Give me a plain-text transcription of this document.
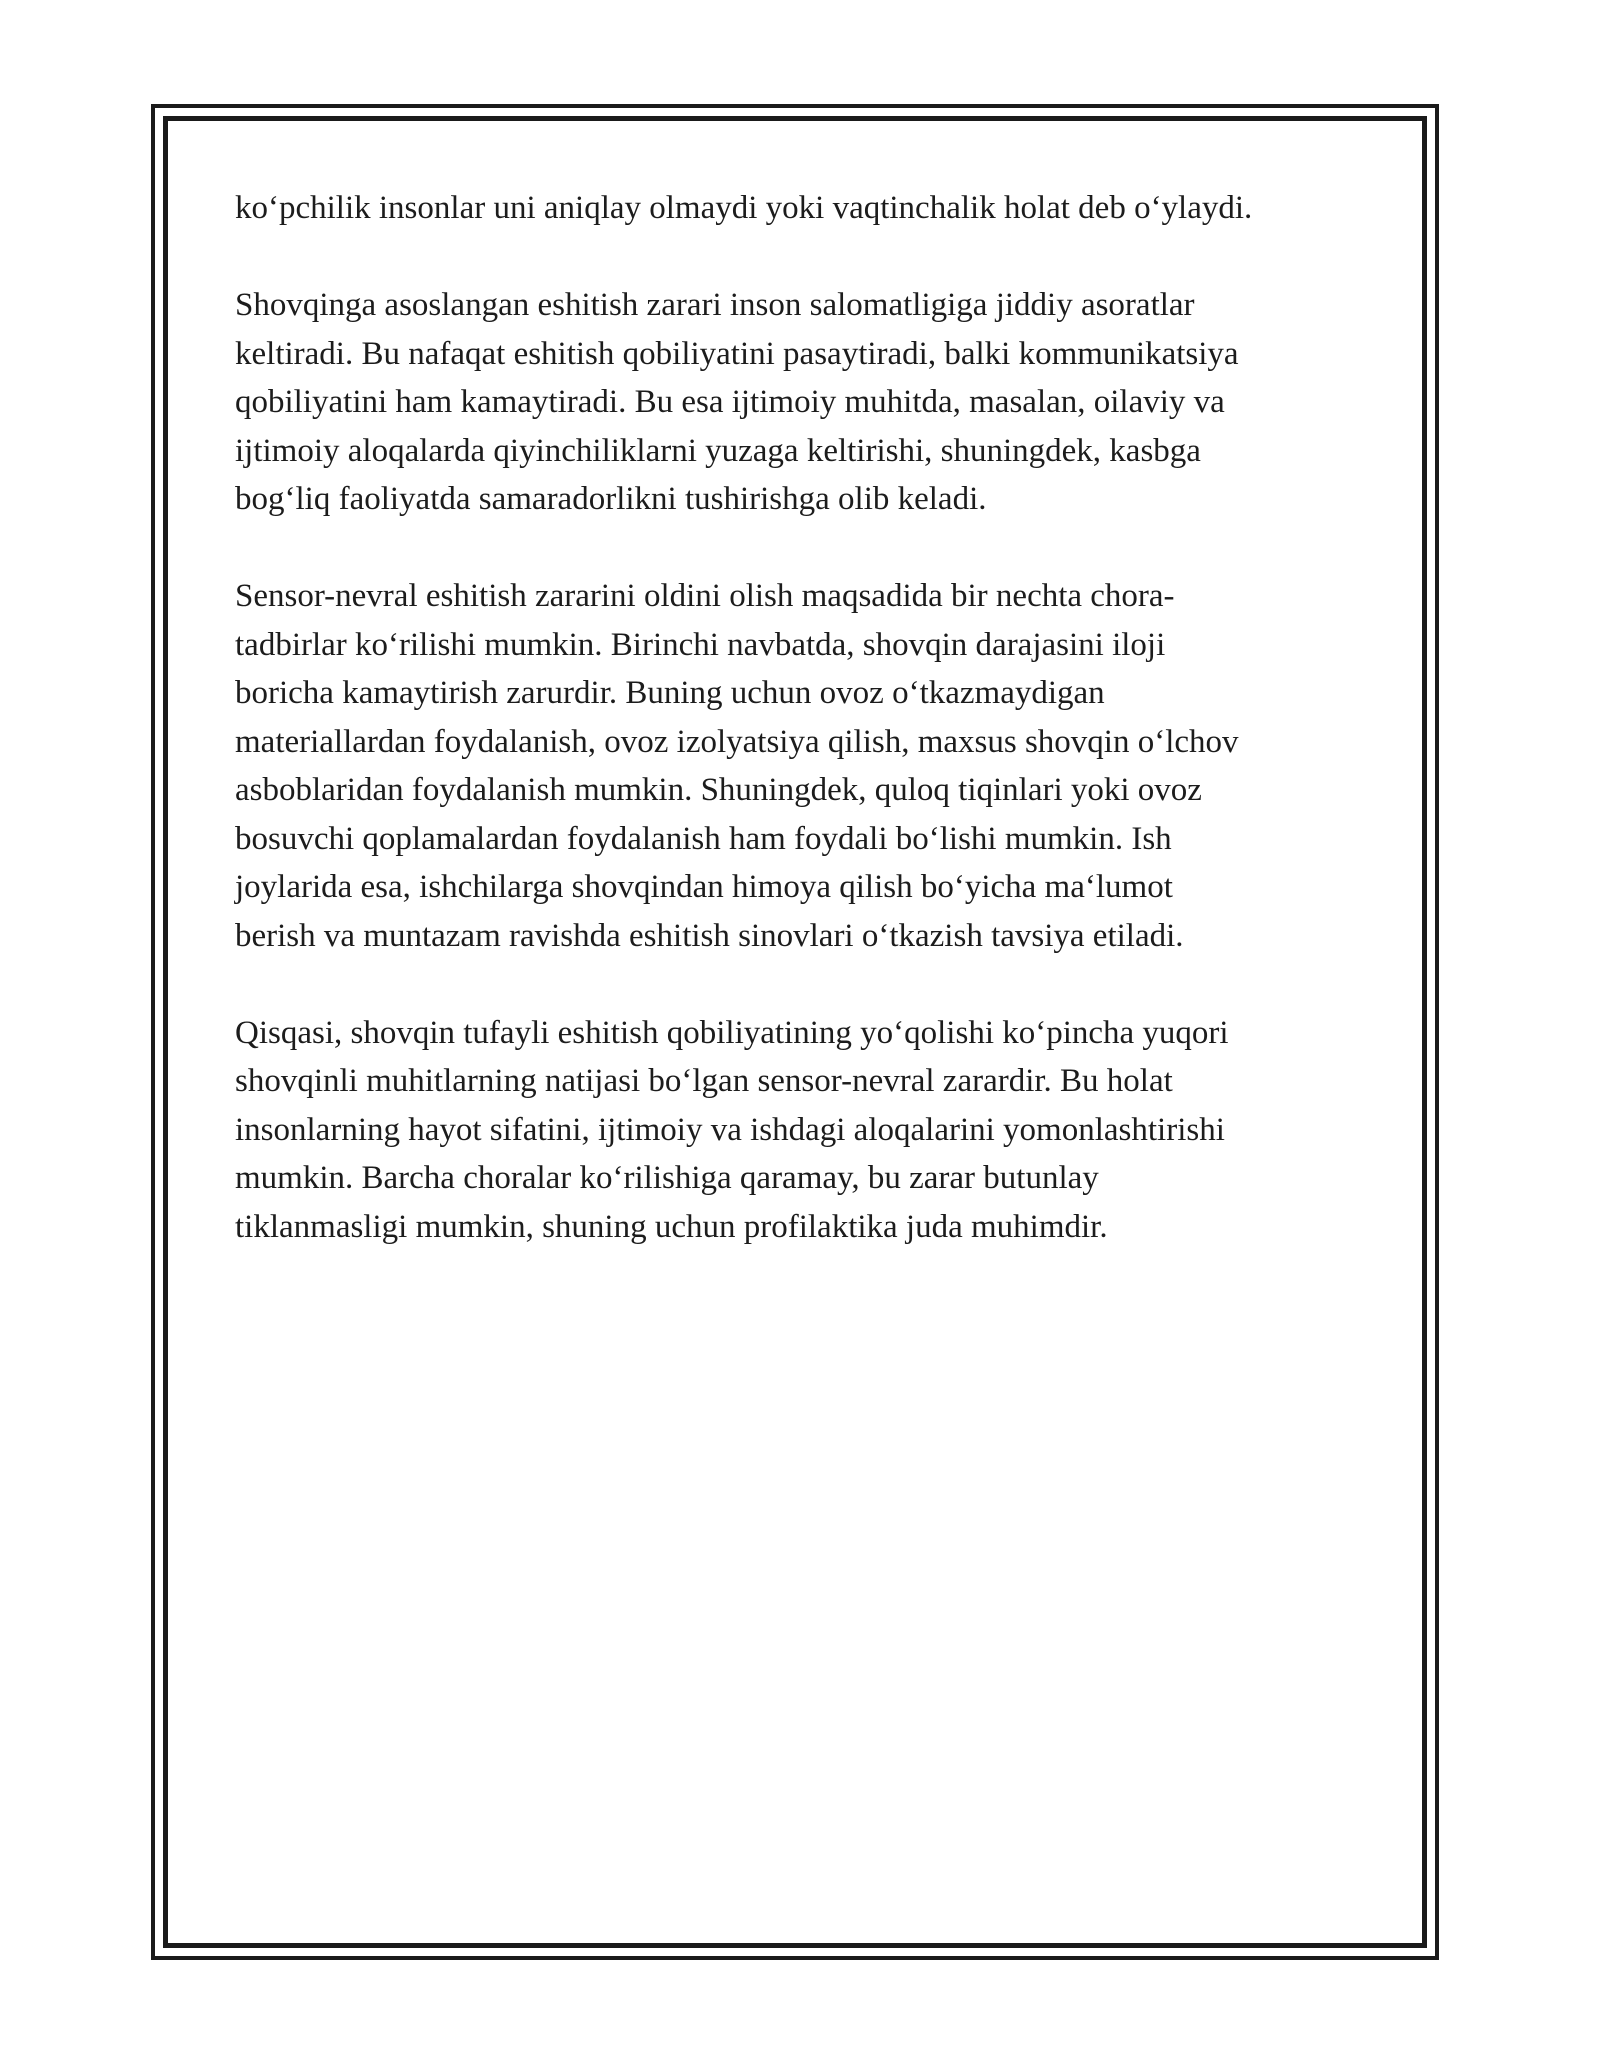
ko‘pchilik insonlar uni aniqlay olmaydi yoki vaqtinchalik holat deb o‘ylaydi.

Shovqinga asoslangan eshitish zarari inson salomatligiga jiddiy asoratlar
keltiradi. Bu nafaqat eshitish qobiliyatini pasaytiradi, balki kommunikatsiya
qobiliyatini ham kamaytiradi. Bu esa ijtimoiy muhitda, masalan, oilaviy va
ijtimoiy aloqalarda qiyinchiliklarni yuzaga keltirishi, shuningdek, kasbga
bog‘liq faoliyatda samaradorlikni tushirishga olib keladi.

Sensor-nevral eshitish zararini oldini olish maqsadida bir nechta chora-
tadbirlar ko‘rilishi mumkin. Birinchi navbatda, shovqin darajasini iloji
boricha kamaytirish zarurdir. Buning uchun ovoz o‘tkazmaydigan
materiallardan foydalanish, ovoz izolyatsiya qilish, maxsus shovqin o‘lchov
asboblaridan foydalanish mumkin. Shuningdek, quloq tiqinlari yoki ovoz
bosuvchi qoplamalardan foydalanish ham foydali bo‘lishi mumkin. Ish
joylarida esa, ishchilarga shovqindan himoya qilish bo‘yicha ma‘lumot
berish va muntazam ravishda eshitish sinovlari o‘tkazish tavsiya etiladi.

Qisqasi, shovqin tufayli eshitish qobiliyatining yo‘qolishi ko‘pincha yuqori
shovqinli muhitlarning natijasi bo‘lgan sensor-nevral zarardir. Bu holat
insonlarning hayot sifatini, ijtimoiy va ishdagi aloqalarini yomonlashtirishi
mumkin. Barcha choralar ko‘rilishiga qaramay, bu zarar butunlay
tiklanmasligi mumkin, shuning uchun profilaktika juda muhimdir.
